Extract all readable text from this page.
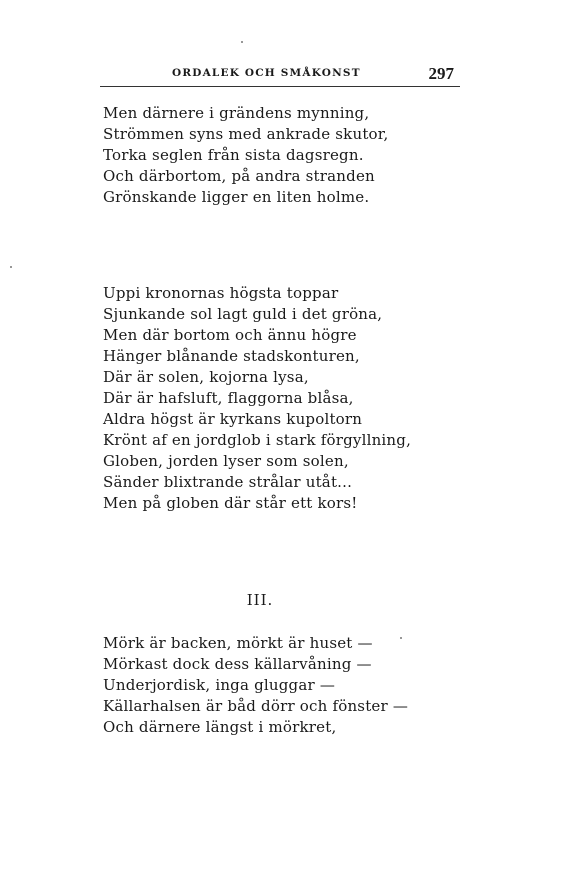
ORDALEK OCH SMÅKONST	297
Men därnere i grändens mynning,
Strömmen syns med ankrade skutor,
Torka seglen från sista dagsregn.
Och därbortom, på andra stranden
Grönskande ligger en liten holme.
Uppi kronornas högsta toppar
Sjunkande sol lagt guld i det gröna,
Men där bortom och ännu högre
Hänger blånande stadskonturen,
Där är solen, kojorna lysa,
Där är hafsluft, flaggorna blåsa,
Aldra högst är kyrkans kupoltorn
Krönt af en jordglob i stark förgyllning,
Globen, jorden lyser som solen,
Sänder blixtrande strålar utåt...
Men på globen där står ett kors!
III.
Mörk är backen, mörkt är huset —
Mörkast dock dess källarvåning —
Underjordisk, inga gluggar —
Källarhalsen är båd dörr och fönster —
Och därnere längst i mörkret,
